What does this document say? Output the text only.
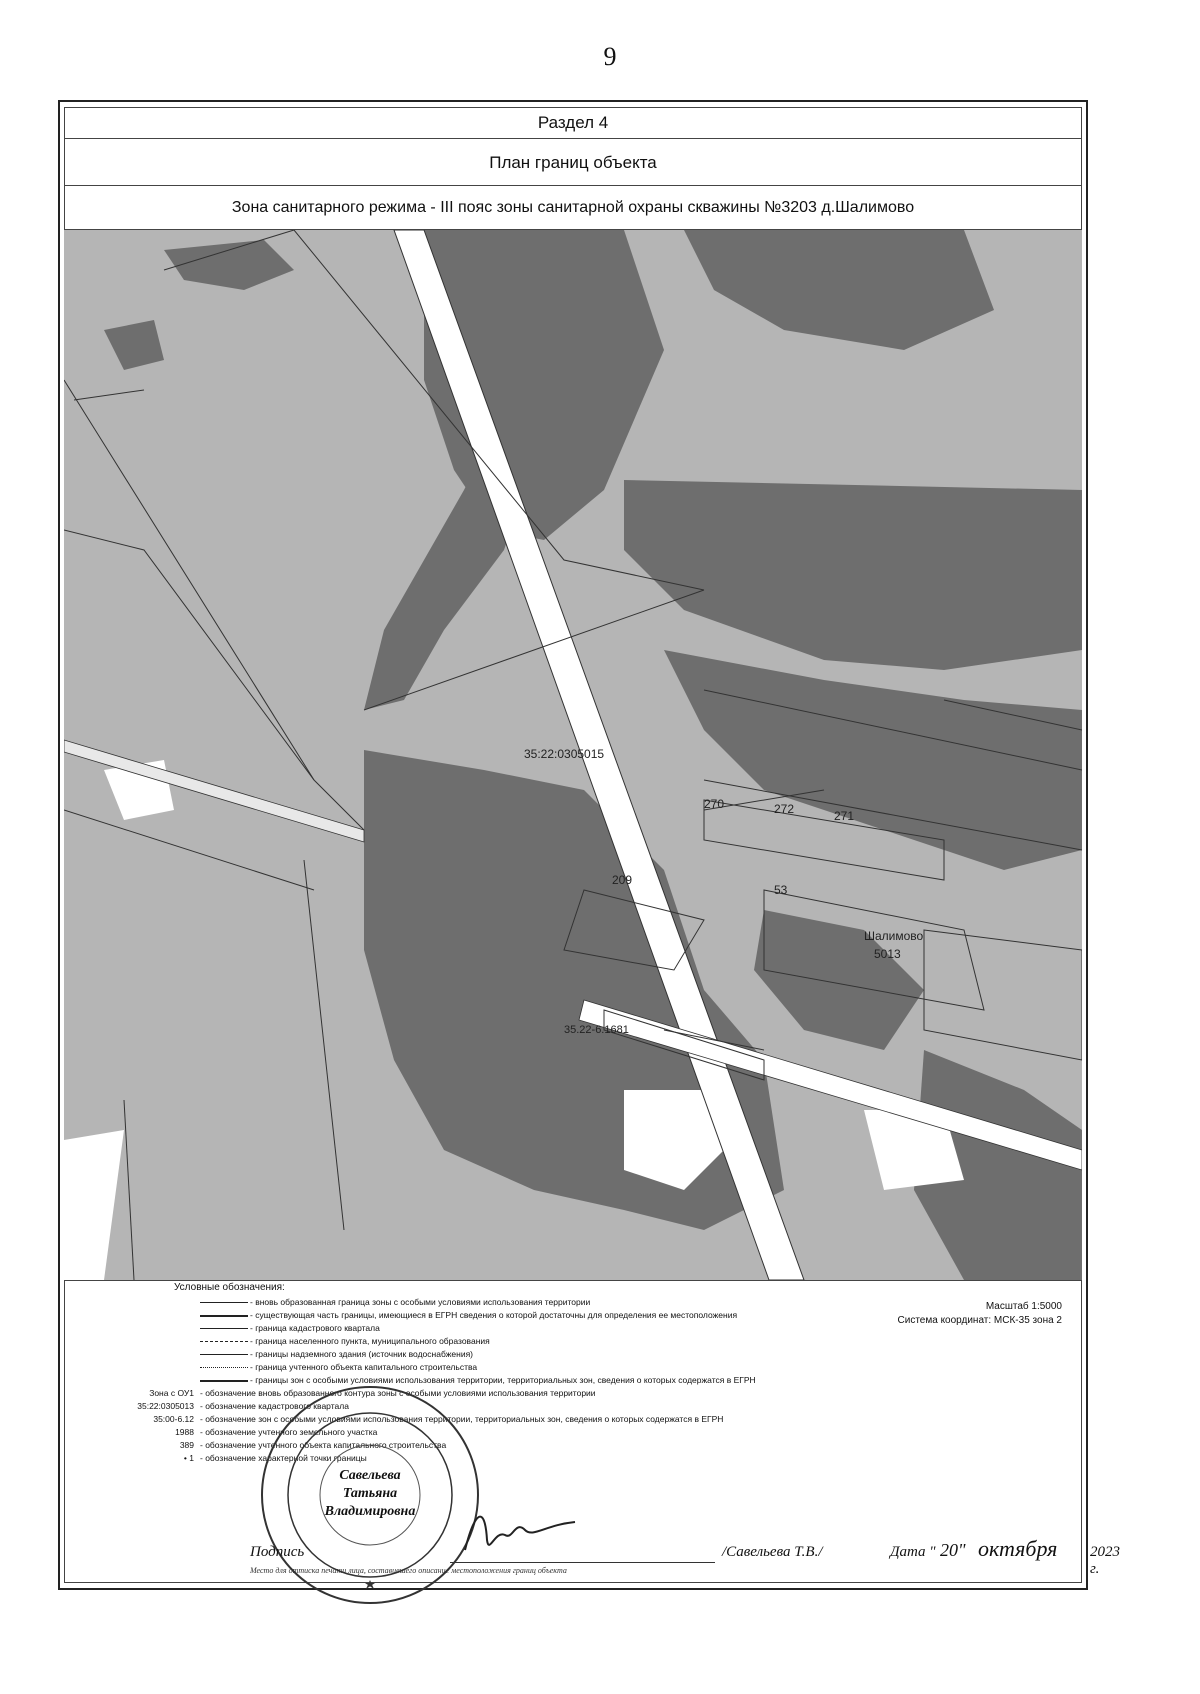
9
Раздел 4
План границ объекта
Зона санитарного режима - III пояс зоны санитарной охраны скважины №3203 д.Шалимово
35:22:0305015
270	272	271
53
209
Шалимово
5013
35.22-6.1681
Условные обозначения:
Масштаб 1:5000
Система координат: МСК-35 зона 2
- вновь образованная граница зоны с особыми условиями использования территории
- существующая часть границы, имеющиеся в ЕГРН сведения о которой достаточны для определения ее местоположения
- граница кадастрового квартала
- граница населенного пункта, муниципального образования
- границы надземного здания (источник водоснабжения)
- граница учтенного объекта капитального строительства
- границы зон с особыми условиями использования территории, территориальных зон, сведения о которых содержатся в ЕГРН
Зона с ОУ1 - обозначение вновь образованного контура зоны с особыми условиями использования территории
35:22:0305013 - обозначение кадастрового квартала
35:00-6.12 - обозначение зон с особыми условиями использования территории, территориальных зон, сведения о которых содержатся в ЕГРН
1988 - обозначение учтенного земельного участка
389 - обозначение учтенного объекта капитального строительства
• 1 - обозначение характерной точки границы
Савельева
Татьяна
Владимировна
Подпись	/Савельева Т.В./	Дата " 20" октября 2023 г.
Место для оттиска печати лица, составившего описание местоположения границ объекта
